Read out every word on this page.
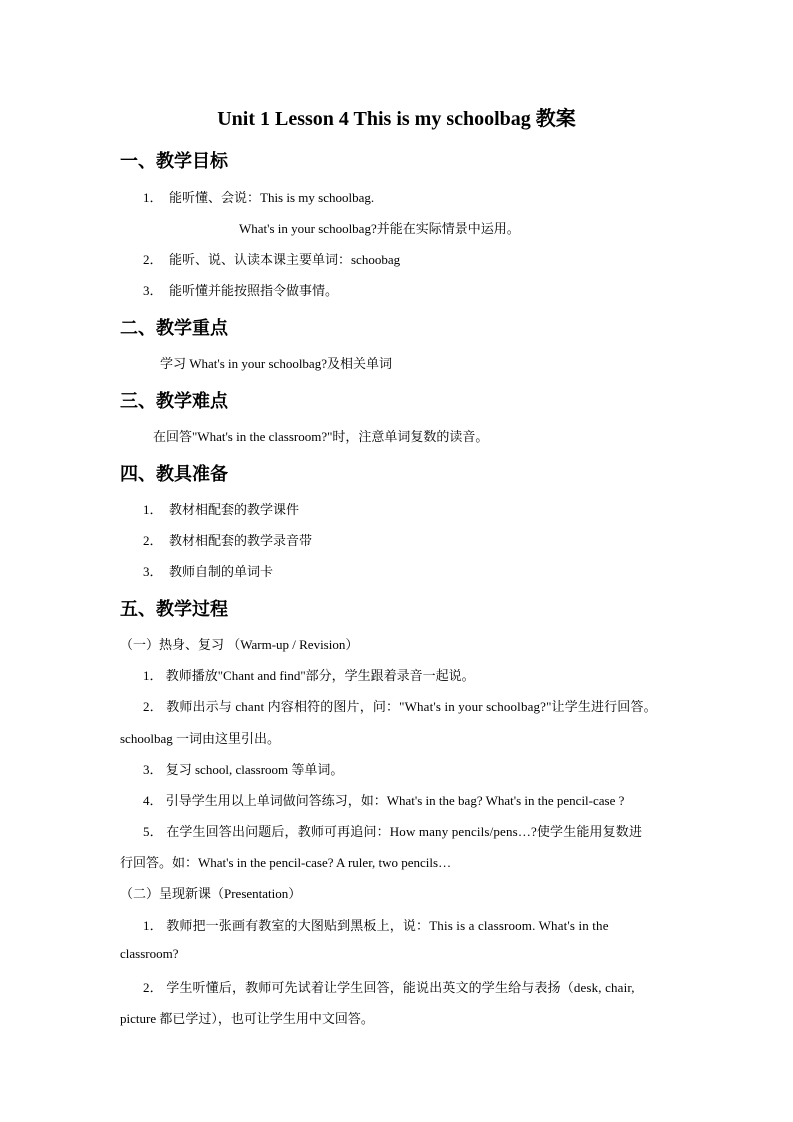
Unit 1 Lesson 4 This is my schoolbag 教案
一、教学目标
1． 能听懂、会说：This is my schoolbag.
What's in your schoolbag?并能在实际情景中运用。
2． 能听、说、认读本课主要单词：schoobag
3． 能听懂并能按照指令做事情。
二、教学重点
学习 What's in your schoolbag?及相关单词
三、教学难点
在回答"What's in the classroom?"时，注意单词复数的读音。
四、教具准备
1． 教材相配套的教学课件
2． 教材相配套的教学录音带
3． 教师自制的单词卡
五、教学过程
（一）热身、复习 （Warm-up / Revision）
1． 教师播放"Chant and find"部分，学生跟着录音一起说。
2． 教师出示与 chant 内容相符的图片，问："What's in your schoolbag?"让学生进行回答。
schoolbag 一词由这里引出。
3． 复习 school, classroom 等单词。
4． 引导学生用以上单词做问答练习，如：What's in the bag? What's in the pencil-case ?
5． 在学生回答出问题后，教师可再追问：How many pencils/pens…?使学生能用复数进
行回答。如：What's in the pencil-case? A ruler, two pencils…
（二）呈现新课（Presentation）
1． 教师把一张画有教室的大图贴到黑板上，说：This is a classroom. What's in the
classroom?
2． 学生听懂后，教师可先试着让学生回答，能说出英文的学生给与表扬（desk, chair,
picture 都已学过），也可让学生用中文回答。
